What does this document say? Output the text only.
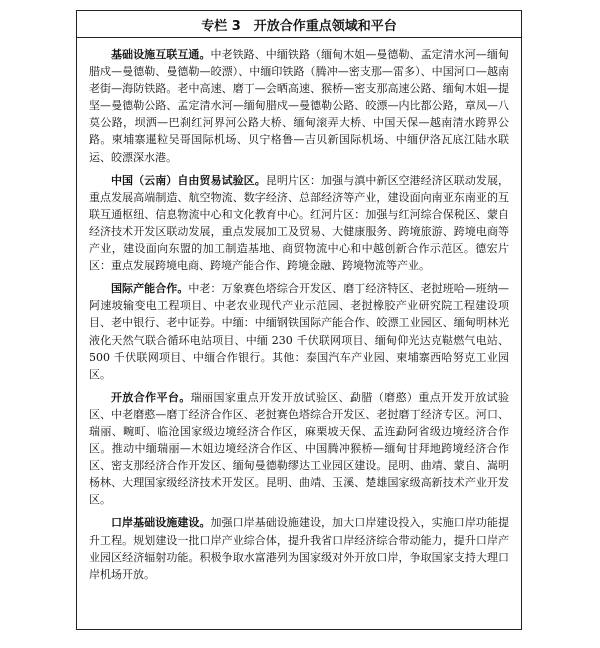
专栏 3　开放合作重点领域和平台

基础设施互联互通。中老铁路、中缅铁路（缅甸木姐—曼德勒、孟定清水河—缅甸腊戍—曼德勒、曼德勒—皎漂）、中缅印铁路（腾冲—密支那—雷多）、中国河口—越南老街—海防铁路。老中高速、磨丁—会晒高速、猴桥—密支那高速公路、缅甸木姐—提坚—曼德勒公路、孟定清水河—缅甸腊戍—曼德勒公路、皎漂—内比都公路，章凤—八莫公路，坝洒—巴刹红河界河公路大桥、缅甸滚弄大桥、中国天保—越南清水跨界公路。柬埔寨暹粒吴哥国际机场、贝宁格鲁—吉贝新国际机场、中缅伊洛瓦底江陆水联运、皎漂深水港。

中国（云南）自由贸易试验区。昆明片区：加强与滇中新区空港经济区联动发展，重点发展高端制造、航空物流、数字经济、总部经济等产业，建设面向南亚东南亚的互联互通枢纽、信息物流中心和文化教育中心。红河片区：加强与红河综合保税区、蒙自经济技术开发区联动发展，重点发展加工及贸易、大健康服务、跨境旅游、跨境电商等产业，建设面向东盟的加工制造基地、商贸物流中心和中越创新合作示范区。德宏片区：重点发展跨境电商、跨境产能合作、跨境金融、跨境物流等产业。

国际产能合作。中老：万象赛色塔综合开发区、磨丁经济特区、老挝班哈—班纳—阿速坡输变电工程项目、中老农业现代产业示范园、老挝橡胶产业研究院工程建设项目、老中银行、老中证券。中缅：中缅钢铁国际产能合作、皎漂工业园区、缅甸明林光液化天然气联合循环电站项目、中缅 230 千伏联网项目、缅甸仰光达克鞑燃气电站、500 千伏联网项目、中缅合作银行。其他：泰国汽车产业园、柬埔寨西哈努克工业园区。

开放合作平台。瑞丽国家重点开发开放试验区、勐腊（磨憨）重点开发开放试验区、中老磨憨—磨丁经济合作区、老挝赛色塔综合开发区、老挝磨丁经济专区。河口、瑞丽、畹町、临沧国家级边境经济合作区，麻栗坡天保、孟连勐阿省级边境经济合作区。推动中缅瑞丽—木姐边境经济合作区、中国腾冲猴桥—缅甸甘拜地跨境经济合作区、密支那经济合作开发区、缅甸曼德勒缪达工业园区建设。昆明、曲靖、蒙自、嵩明杨林、大理国家级经济技术开发区。昆明、曲靖、玉溪、楚雄国家级高新技术产业开发区。

口岸基础设施建设。加强口岸基础设施建设，加大口岸建设投入，实施口岸功能提升工程。规划建设一批口岸产业综合体，提升我省口岸经济综合带动能力，提升口岸产业园区经济辐射功能。积极争取水富港列为国家级对外开放口岸，争取国家支持大理口岸机场开放。
